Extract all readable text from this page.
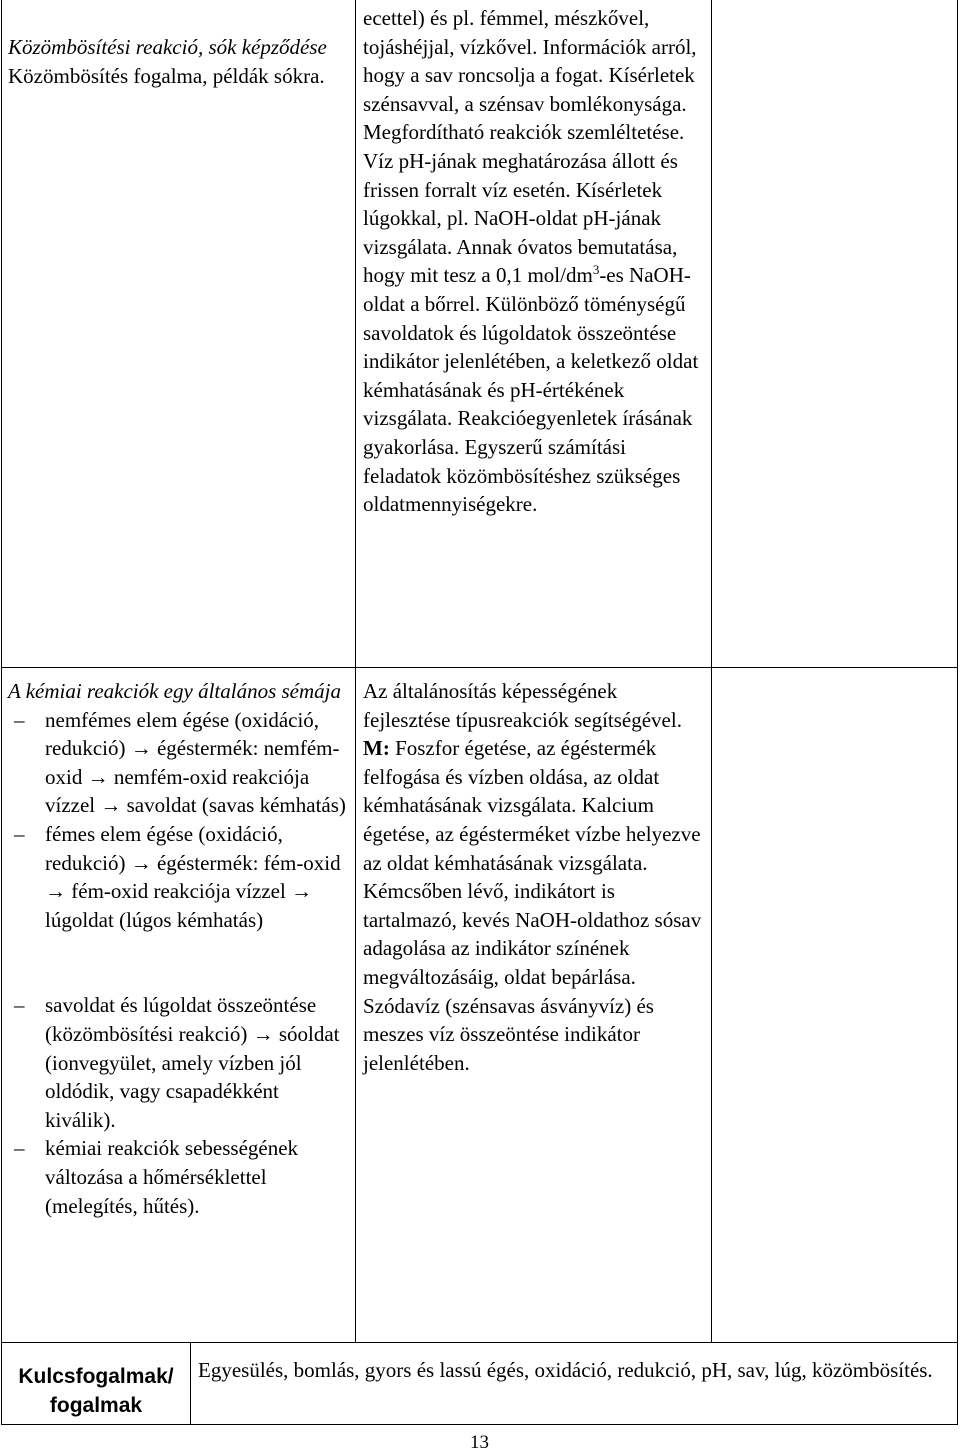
Közömbösítési reakció, sók képződése
Közömbösítés fogalma, példák sókra.
ecettel) és pl. fémmel, mészkővel, tojáshéjjal, vízkővel. Információk arról, hogy a sav roncsolja a fogat. Kísérletek szénsavval, a szénsav bomlékonysága. Megfordítható reakciók szemléltetése. Víz pH-jának meghatározása állott és frissen forralt víz esetén. Kísérletek lúgokkal, pl. NaOH-oldat pH-jának vizsgálata. Annak óvatos bemutatása, hogy mit tesz a 0,1 mol/$dm^3-es$ NaOH-oldat a bőrrel. Különböző töménységű savoldatok és lúgoldatok összeöntése indikátor jelenlétében, a keletkező oldat kémhatásának és pH-értékének vizsgálata. Reakcióegyenletek írásának gyakorlása. Egyszerű számítási feladatok közömbösítéshez szükséges oldatmennyiségekre.
A kémiai reakciók egy általános sémája
– nemfémes elem égése (oxidáció, redukció) → égéstermék: nemfém-oxid → nemfém-oxid reakciója vízzel → savoldat (savas kémhatás)
– fémes elem égése (oxidáció, redukció) → égéstermék: fém-oxid → fém-oxid reakciója vízzel → lúgoldat (lúgos kémhatás)
– savoldat és lúgoldat összeöntése (közömbösítési reakció) → sóoldat (ionvegyület, amely vízben jól oldódik, vagy csapadékként kiválik).
– kémiai reakciók sebességének változása a hőmérséklettel (melegítés, hűtés).
Az általánosítás képességének fejlesztése típusreakciók segítségével.
M: Foszfor égetése, az égéstermék felfogása és vízben oldása, az oldat kémhatásának vizsgálata. Kalcium égetése, az égésterméket vízbe helyezve az oldat kémhatásának vizsgálata. Kémcsőben lévő, indikátort is tartalmazó, kevés NaOH-oldathoz sósav adagolása az indikátor színének megváltozásáig, oldat bepárlása. Szódavíz (szénsavas ásványvíz) és meszes víz összeöntése indikátor jelenlétében.
Kulcsfogalmak/ fogalmak
Egyesülés, bomlás, gyors és lassú égés, oxidáció, redukció, pH, sav, lúg, közömbösítés.
13
